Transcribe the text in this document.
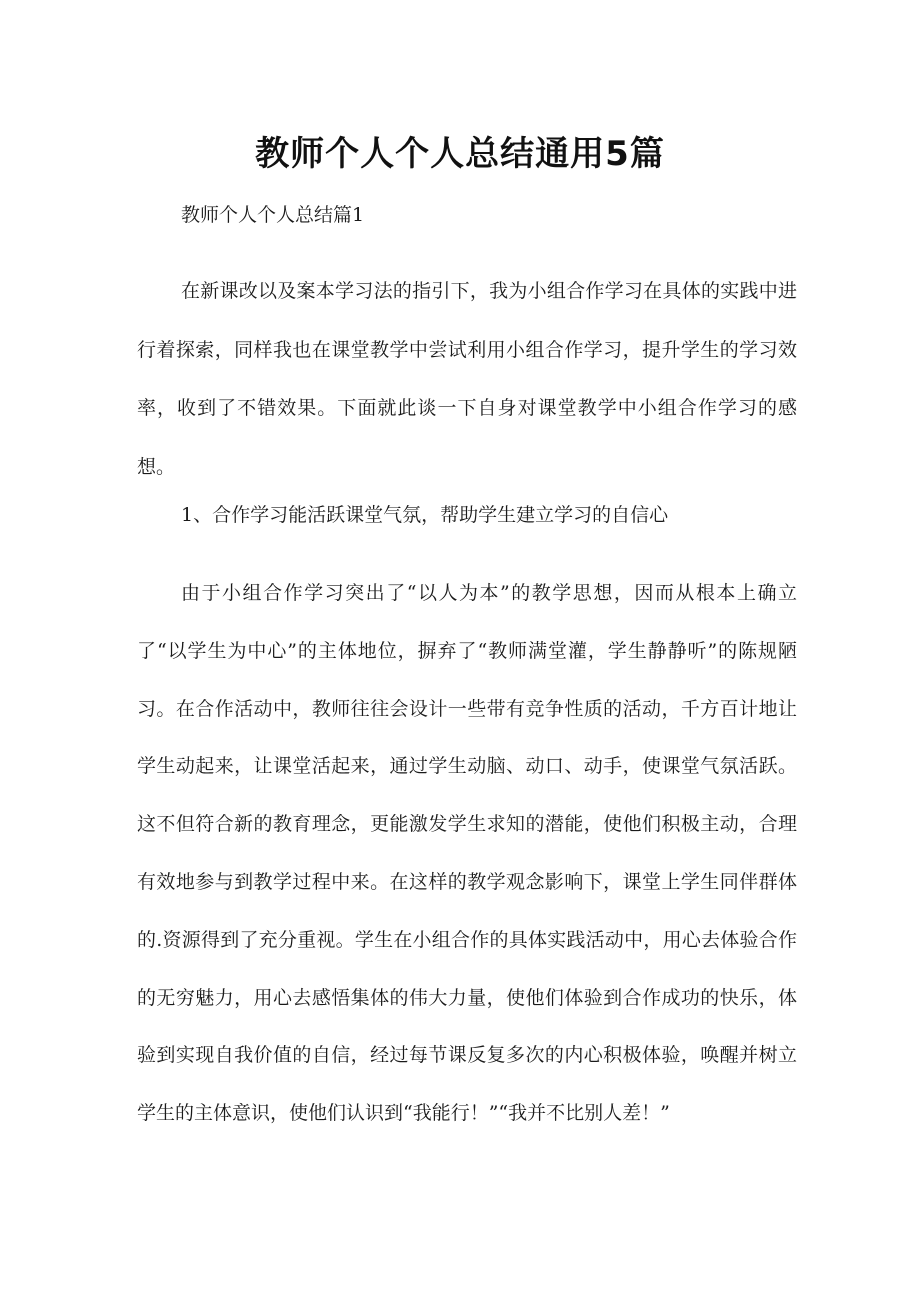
教师个人个人总结通用5篇

教师个人个人总结篇1

在新课改以及案本学习法的指引下，我为小组合作学习在具体的实践中进行着探索，同样我也在课堂教学中尝试利用小组合作学习，提升学生的学习效率，收到了不错效果。下面就此谈一下自身对课堂教学中小组合作学习的感想。

1、合作学习能活跃课堂气氛，帮助学生建立学习的自信心

由于小组合作学习突出了“以人为本”的教学思想，因而从根本上确立了“以学生为中心”的主体地位，摒弃了“教师满堂灌，学生静静听”的陈规陋习。在合作活动中，教师往往会设计一些带有竞争性质的活动，千方百计地让学生动起来，让课堂活起来，通过学生动脑、动口、动手，使课堂气氛活跃。这不但符合新的教育理念，更能激发学生求知的潜能，使他们积极主动，合理有效地参与到教学过程中来。在这样的教学观念影响下，课堂上学生同伴群体的.资源得到了充分重视。学生在小组合作的具体实践活动中，用心去体验合作的无穷魅力，用心去感悟集体的伟大力量，使他们体验到合作成功的快乐，体验到实现自我价值的自信，经过每节课反复多次的内心积极体验，唤醒并树立学生的主体意识，使他们认识到“我能行！”“我并不比别人差！”
